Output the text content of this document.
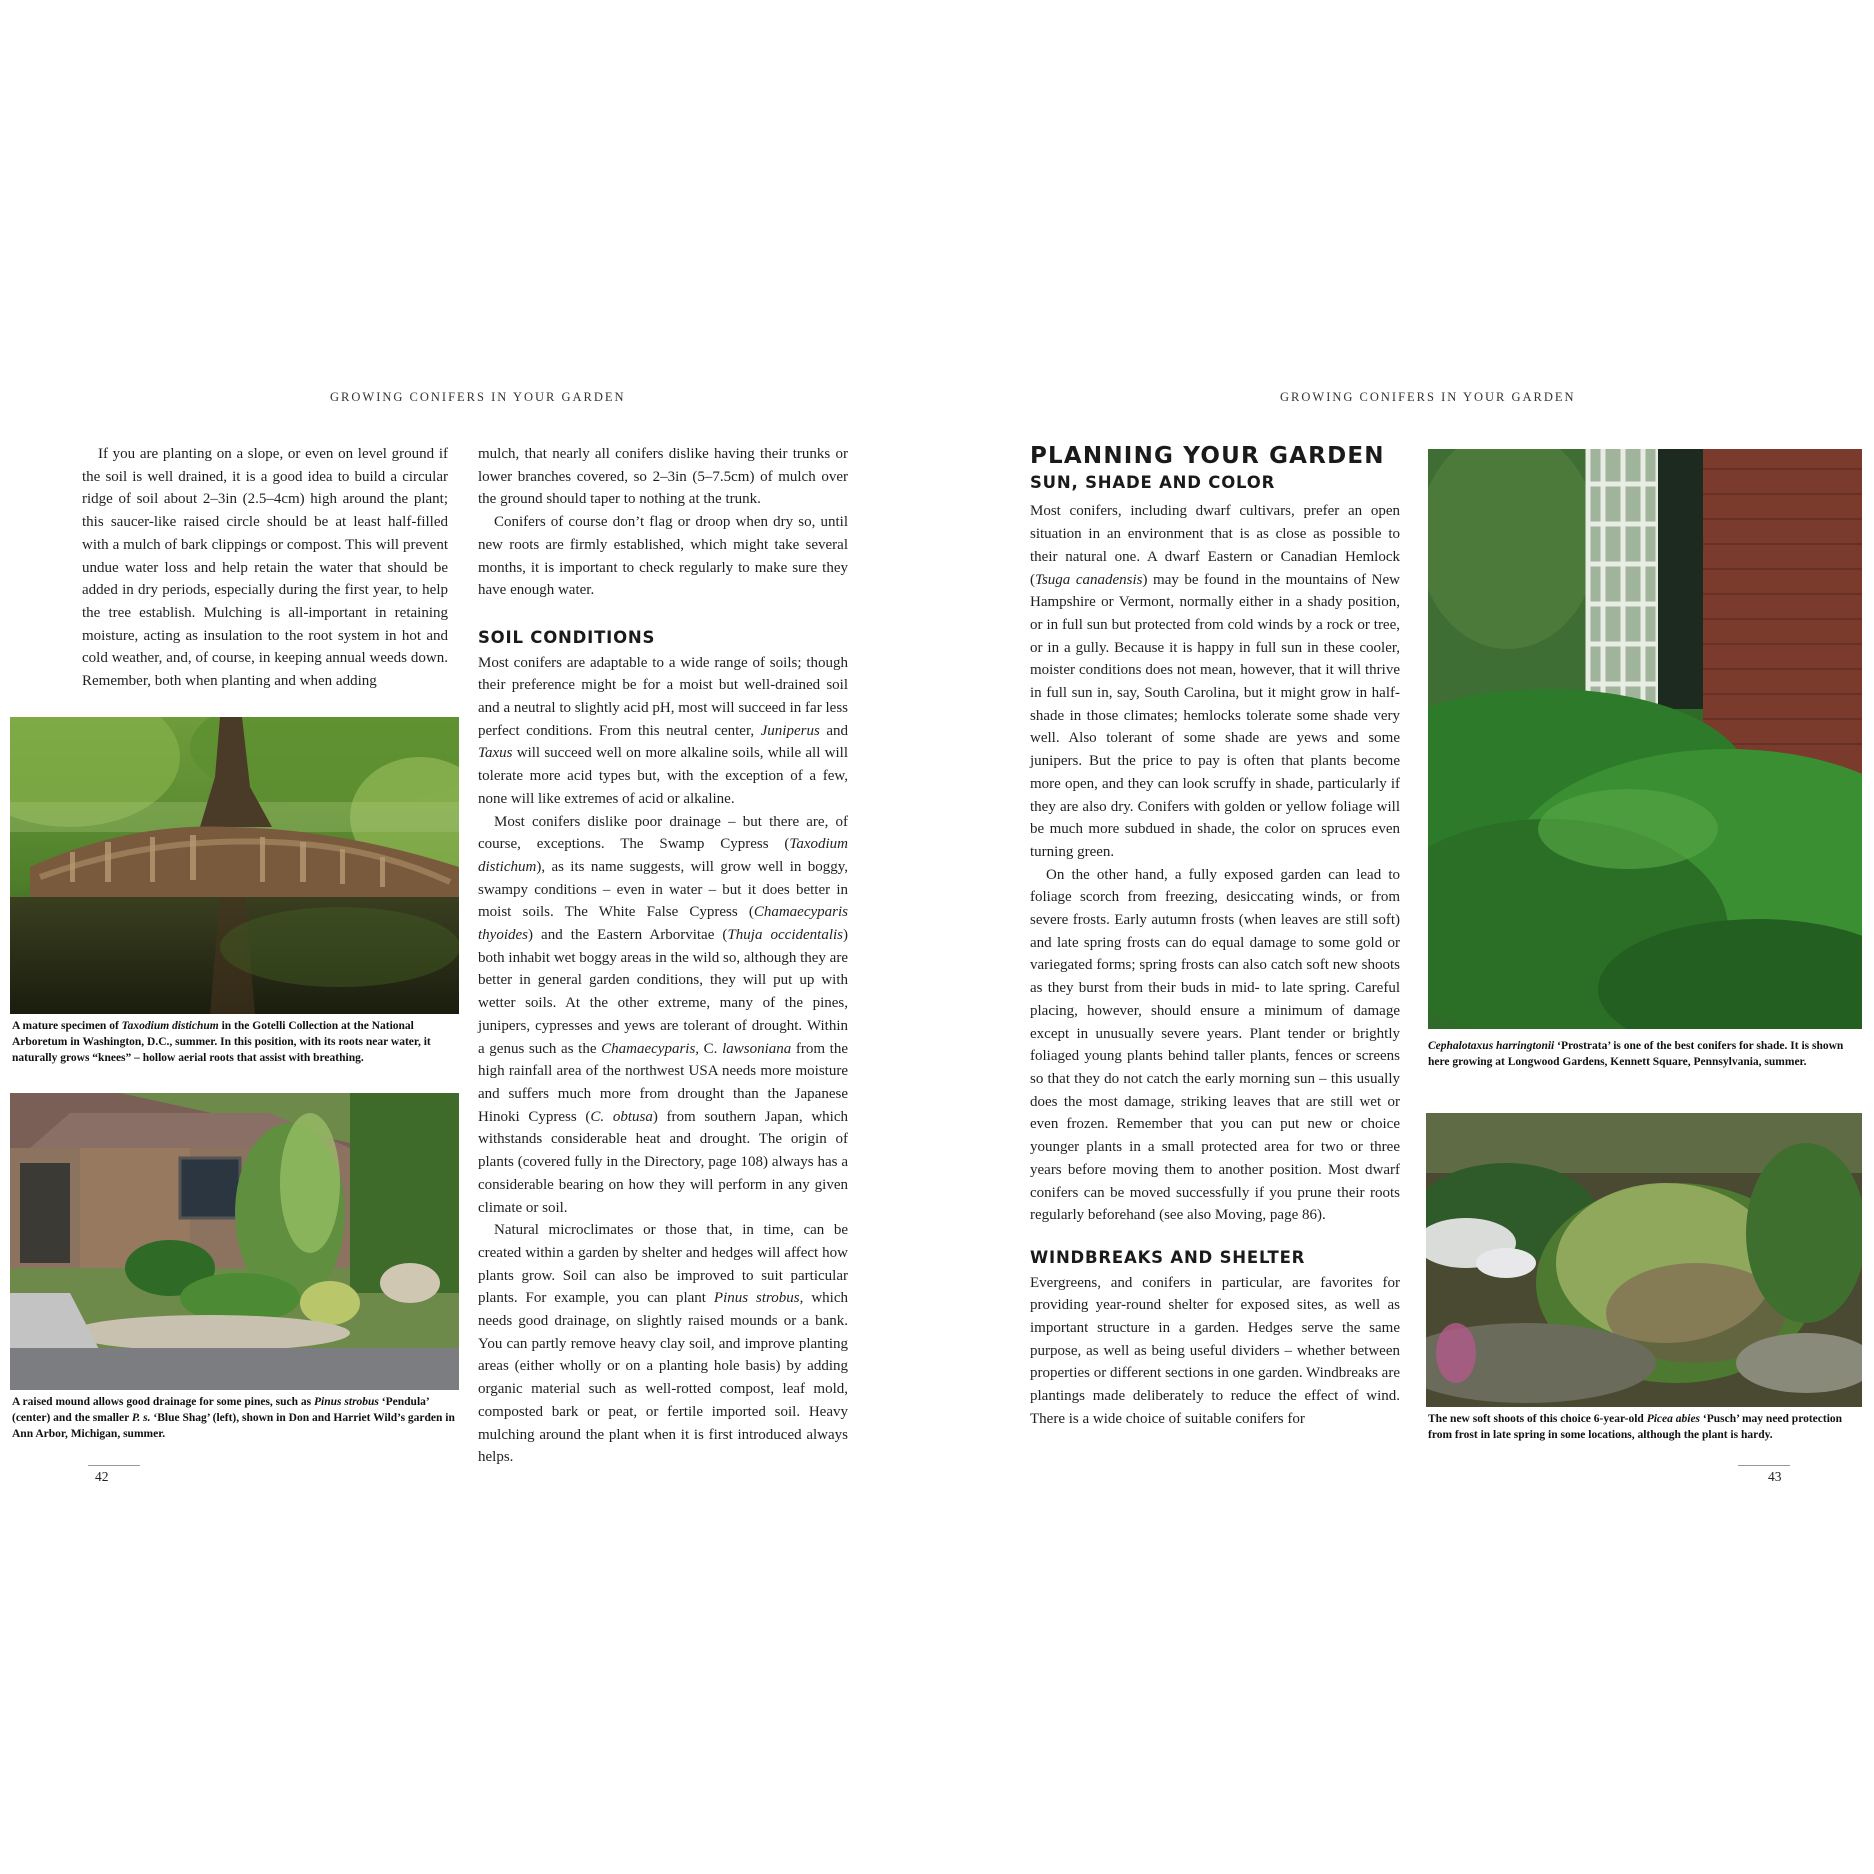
GROWING CONIFERS IN YOUR GARDEN

If you are planting on a slope, or even on level ground if the soil is well drained, it is a good idea to build a circular ridge of soil about 2–3in (2.5–4cm) high around the plant; this saucer-like raised circle should be at least half-filled with a mulch of bark clippings or compost. This will prevent undue water loss and help retain the water that should be added in dry periods, especially during the first year, to help the tree establish. Mulching is all-important in retaining moisture, acting as insulation to the root system in hot and cold weather, and, of course, in keeping annual weeds down. Remember, both when planting and when adding

mulch, that nearly all conifers dislike having their trunks or lower branches covered, so 2–3in (5–7.5cm) of mulch over the ground should taper to nothing at the trunk.

Conifers of course don’t flag or droop when dry so, until new roots are firmly established, which might take several months, it is important to check regularly to make sure they have enough water.

SOIL CONDITIONS

Most conifers are adaptable to a wide range of soils; though their preference might be for a moist but well-drained soil and a neutral to slightly acid pH, most will succeed in far less perfect conditions. From this neutral center, Juniperus and Taxus will succeed well on more alkaline soils, while all will tolerate more acid types but, with the exception of a few, none will like extremes of acid or alkaline.

Most conifers dislike poor drainage – but there are, of course, exceptions. The Swamp Cypress (Taxodium distichum), as its name suggests, will grow well in boggy, swampy conditions – even in water – but it does better in moist soils. The White False Cypress (Chamaecyparis thyoides) and the Eastern Arborvitae (Thuja occidentalis) both inhabit wet boggy areas in the wild so, although they are better in general garden conditions, they will put up with wetter soils. At the other extreme, many of the pines, junipers, cypresses and yews are tolerant of drought. Within a genus such as the Chamaecyparis, C. lawsoniana from the high rainfall area of the northwest USA needs more moisture and suffers much more from drought than the Japanese Hinoki Cypress (C. obtusa) from southern Japan, which withstands considerable heat and drought. The origin of plants (covered fully in the Directory, page 108) always has a considerable bearing on how they will perform in any given climate or soil.

Natural microclimates or those that, in time, can be created within a garden by shelter and hedges will affect how plants grow. Soil can also be improved to suit particular plants. For example, you can plant Pinus strobus, which needs good drainage, on slightly raised mounds or a bank. You can partly remove heavy clay soil, and improve planting areas (either wholly or on a planting hole basis) by adding organic material such as well-rotted compost, leaf mold, composted bark or peat, or fertile imported soil. Heavy mulching around the plant when it is first introduced always helps.

A mature specimen of Taxodium distichum in the Gotelli Collection at the National Arboretum in Washington, D.C., summer. In this position, with its roots near water, it naturally grows “knees” – hollow aerial roots that assist with breathing.
A raised mound allows good drainage for some pines, such as Pinus strobus ‘Pendula’ (center) and the smaller P. s. ‘Blue Shag’ (left), shown in Don and Harriet Wild’s garden in Ann Arbor, Michigan, summer.
42
GROWING CONIFERS IN YOUR GARDEN
PLANNING YOUR GARDEN
SUN, SHADE AND COLOR

Most conifers, including dwarf cultivars, prefer an open situation in an environment that is as close as possible to their natural one. A dwarf Eastern or Canadian Hemlock (Tsuga canadensis) may be found in the mountains of New Hampshire or Vermont, normally either in a shady position, or in full sun but protected from cold winds by a rock or tree, or in a gully. Because it is happy in full sun in these cooler, moister conditions does not mean, however, that it will thrive in full sun in, say, South Carolina, but it might grow in half-shade in those climates; hemlocks tolerate some shade very well. Also tolerant of some shade are yews and some junipers. But the price to pay is often that plants become more open, and they can look scruffy in shade, particularly if they are also dry. Conifers with golden or yellow foliage will be much more subdued in shade, the color on spruces even turning green.

On the other hand, a fully exposed garden can lead to foliage scorch from freezing, desiccating winds, or from severe frosts. Early autumn frosts (when leaves are still soft) and late spring frosts can do equal damage to some gold or variegated forms; spring frosts can also catch soft new shoots as they burst from their buds in mid- to late spring. Careful placing, however, should ensure a minimum of damage except in unusually severe years. Plant tender or brightly foliaged young plants behind taller plants, fences or screens so that they do not catch the early morning sun – this usually does the most damage, striking leaves that are still wet or even frozen. Remember that you can put new or choice younger plants in a small protected area for two or three years before moving them to another position. Most dwarf conifers can be moved successfully if you prune their roots regularly beforehand (see also Moving, page 86).

WINDBREAKS AND SHELTER

Evergreens, and conifers in particular, are favorites for providing year-round shelter for exposed sites, as well as important structure in a garden. Hedges serve the same purpose, as well as being useful dividers – whether between properties or different sections in one garden. Windbreaks are plantings made deliberately to reduce the effect of wind. There is a wide choice of suitable conifers for

Cephalotaxus harringtonii ‘Prostrata’ is one of the best conifers for shade. It is shown here growing at Longwood Gardens, Kennett Square, Pennsylvania, summer.
The new soft shoots of this choice 6-year-old Picea abies ‘Pusch’ may need protection from frost in late spring in some locations, although the plant is hardy.
43
